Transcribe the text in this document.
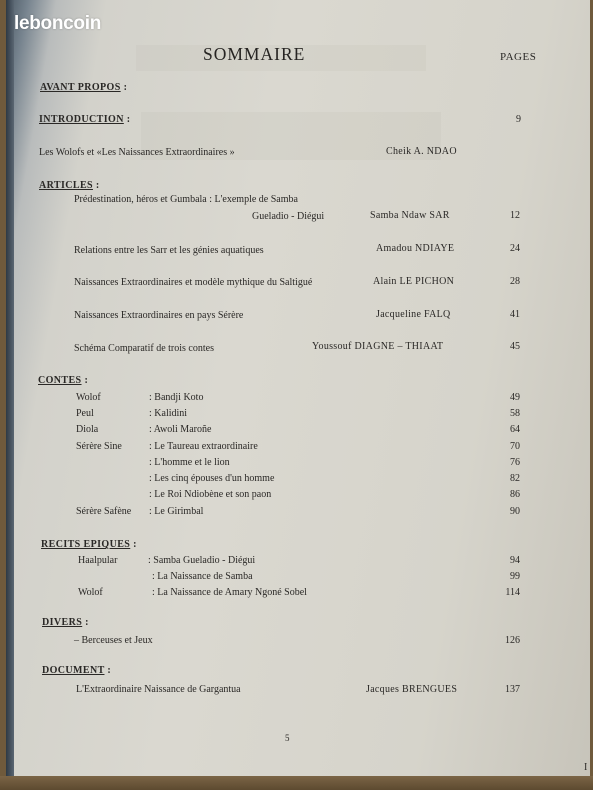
SOMMAIRE	PAGES
AVANT PROPOS :
INTRODUCTION :	9
Les Wolofs et «Les Naissances Extraordinaires »	Cheik A. NDAO
ARTICLES :
Prédestination, héros et Gumbala : L'exemple de Samba
Gueladio - Diégui	Samba Ndaw SAR	12
Relations entre les Sarr et les génies aquatiques	Amadou NDIAYE	24
Naissances Extraordinaires et modèle mythique du Saltigué	Alain LE PICHON	28
Naissances Extraordinaires en pays Sérère	Jacqueline FALQ	41
Schéma Comparatif de trois contes	Youssouf DIAGNE – THIAAT	45
CONTES :
Wolof	: Bandji Koto	49
Peul	: Kalidini	58
Diola	: Awoli Maroñe	64
Sérère Sine	: Le Taureau extraordinaire	70
: L'homme et le lion	76
: Les cinq épouses d'un homme	82
: Le Roi Ndiobène et son paon	86
Sérère Safène : Le Girimbal	90
RECITS EPIQUES :
Haalpular	: Samba Gueladio - Diégui	94
: La Naissance de Samba	99
Wolof	: La Naissance de Amary Ngoné Sobel	114
DIVERS :
– Berceuses et Jeux	126
DOCUMENT :
L'Extraordinaire Naissance de Gargantua	Jacques BRENGUES	137
5
I
leboncoin
